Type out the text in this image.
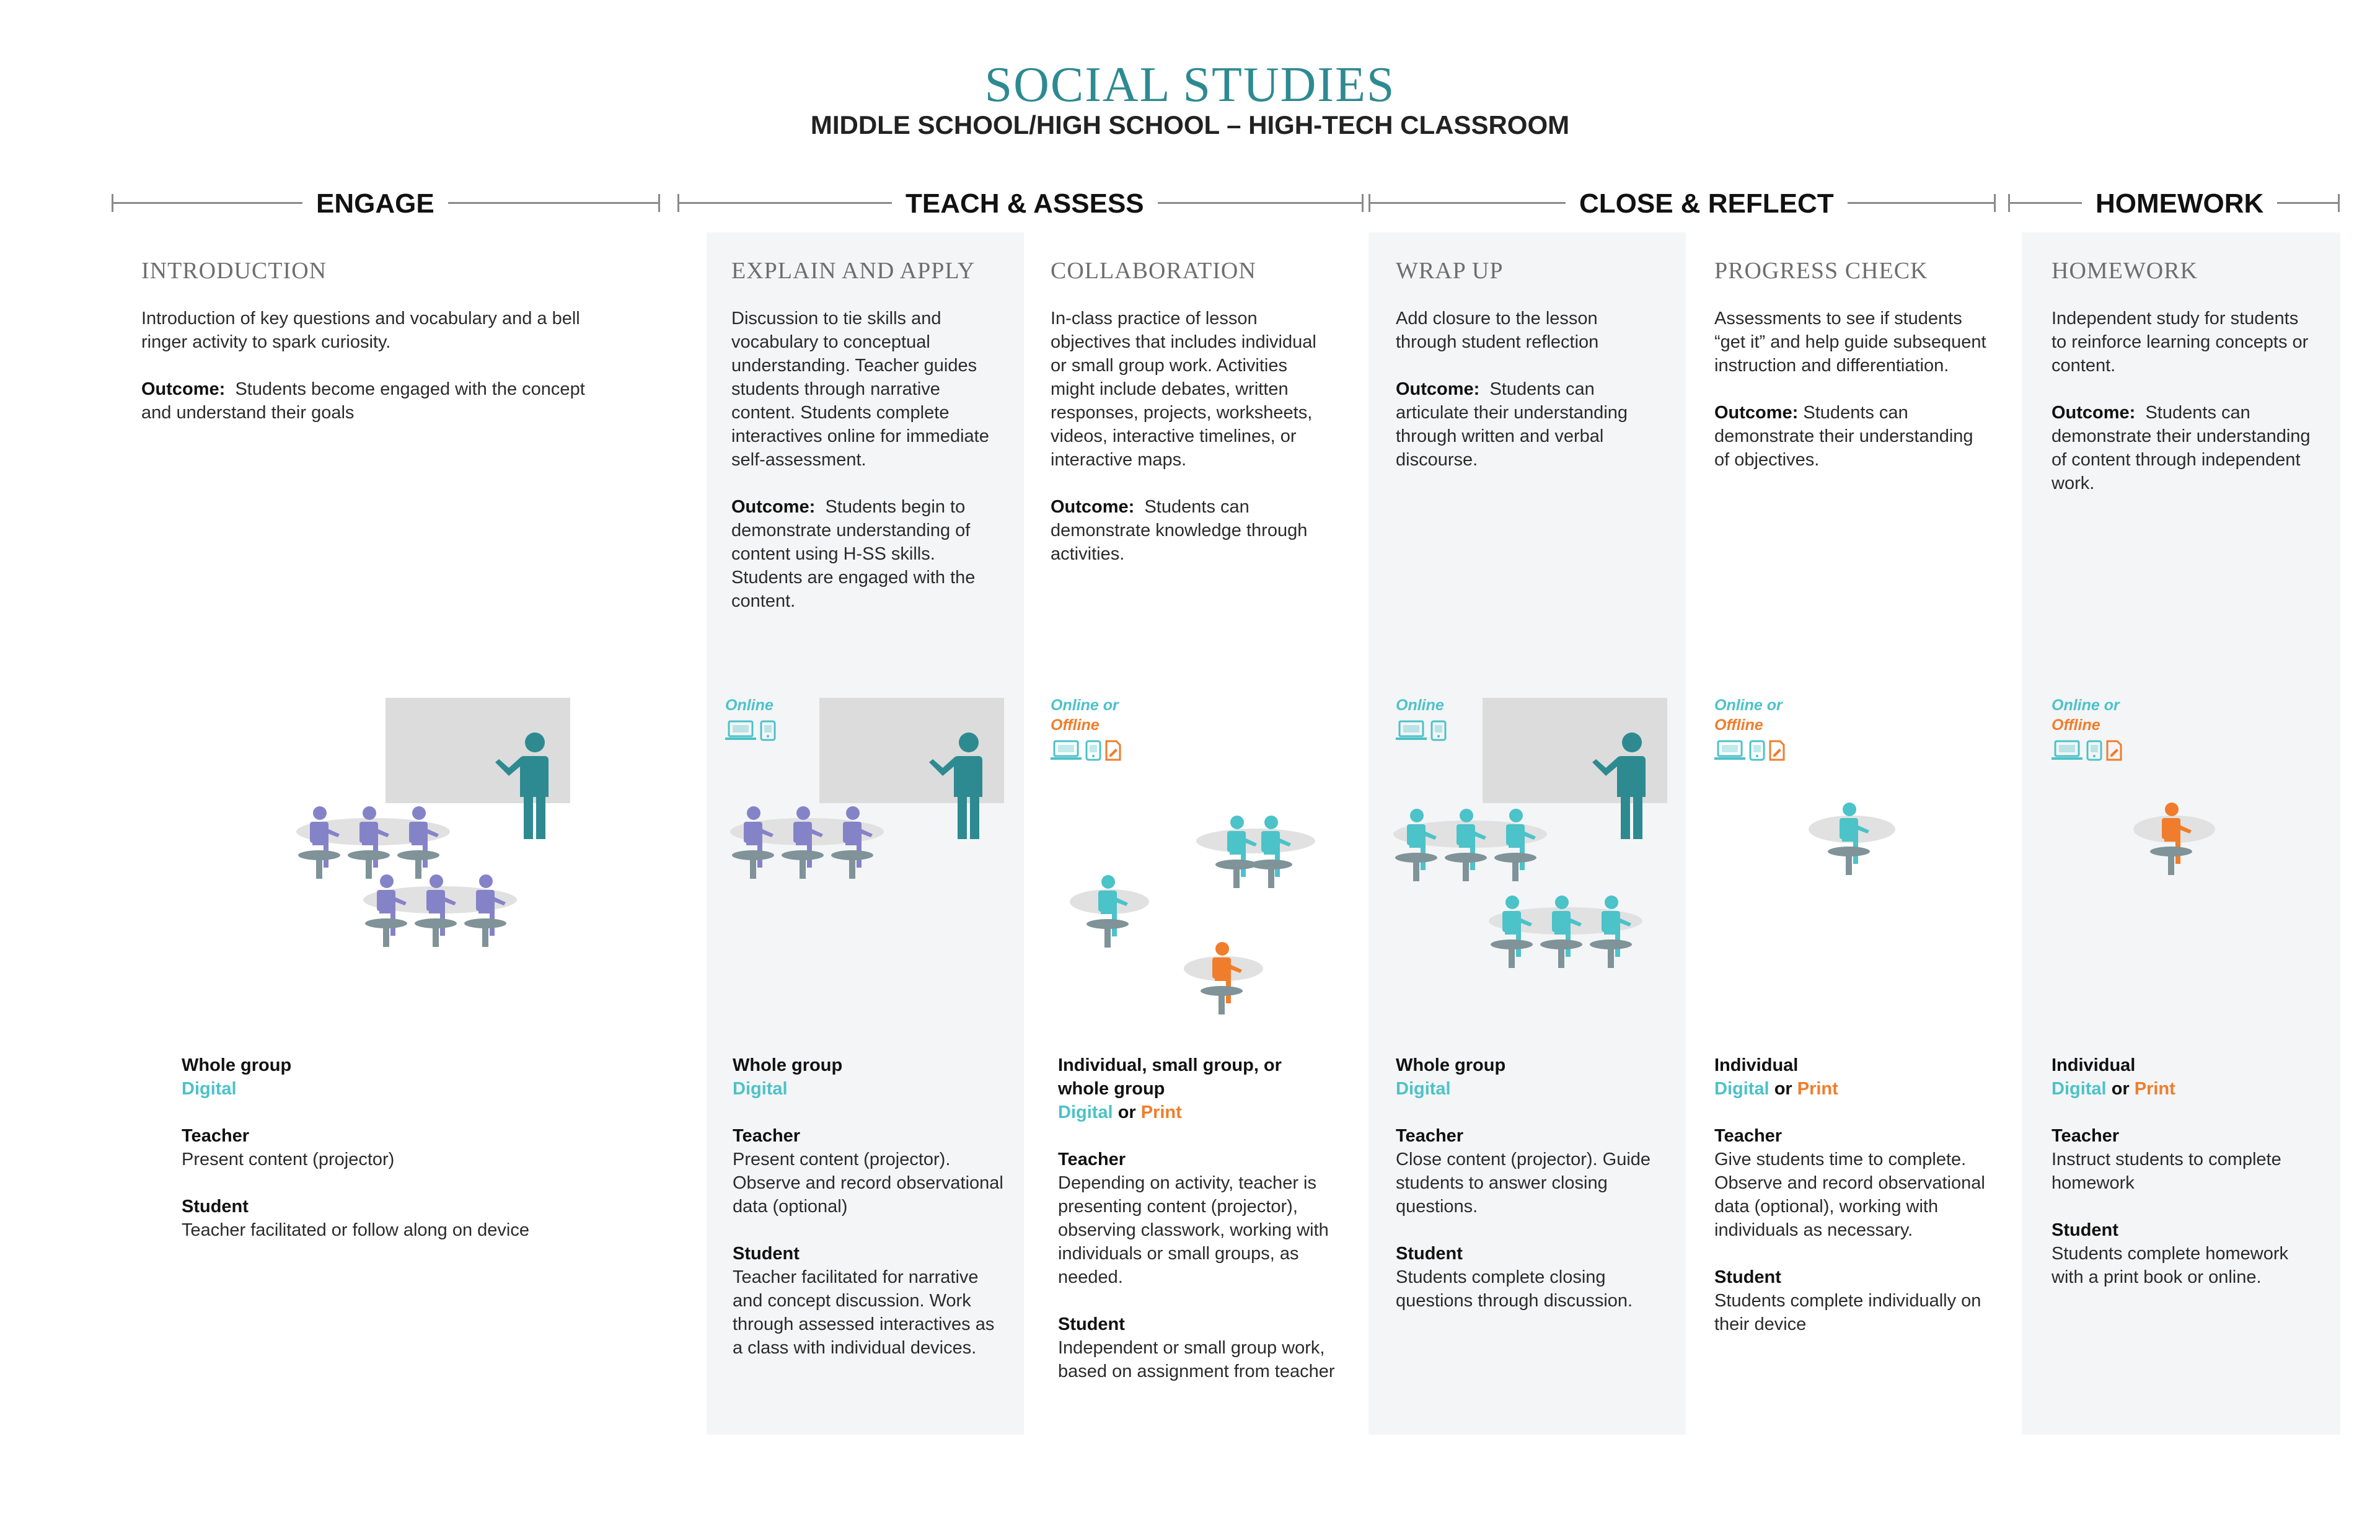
SOCIAL STUDIES
MIDDLE SCHOOL/HIGH SCHOOL – HIGH-TECH CLASSROOM
ENGAGE	TEACH & ASSESS	CLOSE & REFLECT	HOMEWORK
INTRODUCTION

Introduction of key questions and vocabulary and a bell ringer activity to spark curiosity.

Outcome: Students become engaged with the concept and understand their goals

Whole group
Digital
Teacher
Present content (projector)
Student
Teacher facilitated or follow along on device
EXPLAIN AND APPLY

Discussion to tie skills and vocabulary to conceptual understanding. Teacher guides students through narrative content. Students complete interactives online for immediate self-assessment.

Outcome: Students begin to demonstrate understanding of content using H-SS skills. Students are engaged with the content.

Online
Whole group
Digital
Teacher
Present content (projector). Observe and record observational data (optional)
Student
Teacher facilitated for narrative and concept discussion. Work through assessed interactives as a class with individual devices.
COLLABORATION

In-class practice of lesson objectives that includes individual or small group work. Activities might include debates, written responses, projects, worksheets, videos, interactive timelines, or interactive maps.

Outcome: Students can demonstrate knowledge through activities.

Online or
Offline
Individual, small group, or whole group
Digital or Print
Teacher
Depending on activity, teacher is presenting content (projector), observing classwork, working with individuals or small groups, as needed.
Student
Independent or small group work, based on assignment from teacher
WRAP UP

Add closure to the lesson through student reflection

Outcome: Students can articulate their understanding through written and verbal discourse.

Online
Whole group
Digital
Teacher
Close content (projector). Guide students to answer closing questions.
Student
Students complete closing questions through discussion.
PROGRESS CHECK

Assessments to see if students “get it” and help guide subsequent instruction and differentiation.

Outcome: Students can demonstrate their understanding of objectives.

Online or
Offline
Individual
Digital or Print
Teacher
Give students time to complete. Observe and record observational data (optional), working with individuals as necessary.
Student
Students complete individually on their device
HOMEWORK

Independent study for students to reinforce learning concepts or content.

Outcome: Students can demonstrate their understanding of content through independent work.

Online or
Offline
Individual
Digital or Print
Teacher
Instruct students to complete homework
Student
Students complete homework with a print book or online.
